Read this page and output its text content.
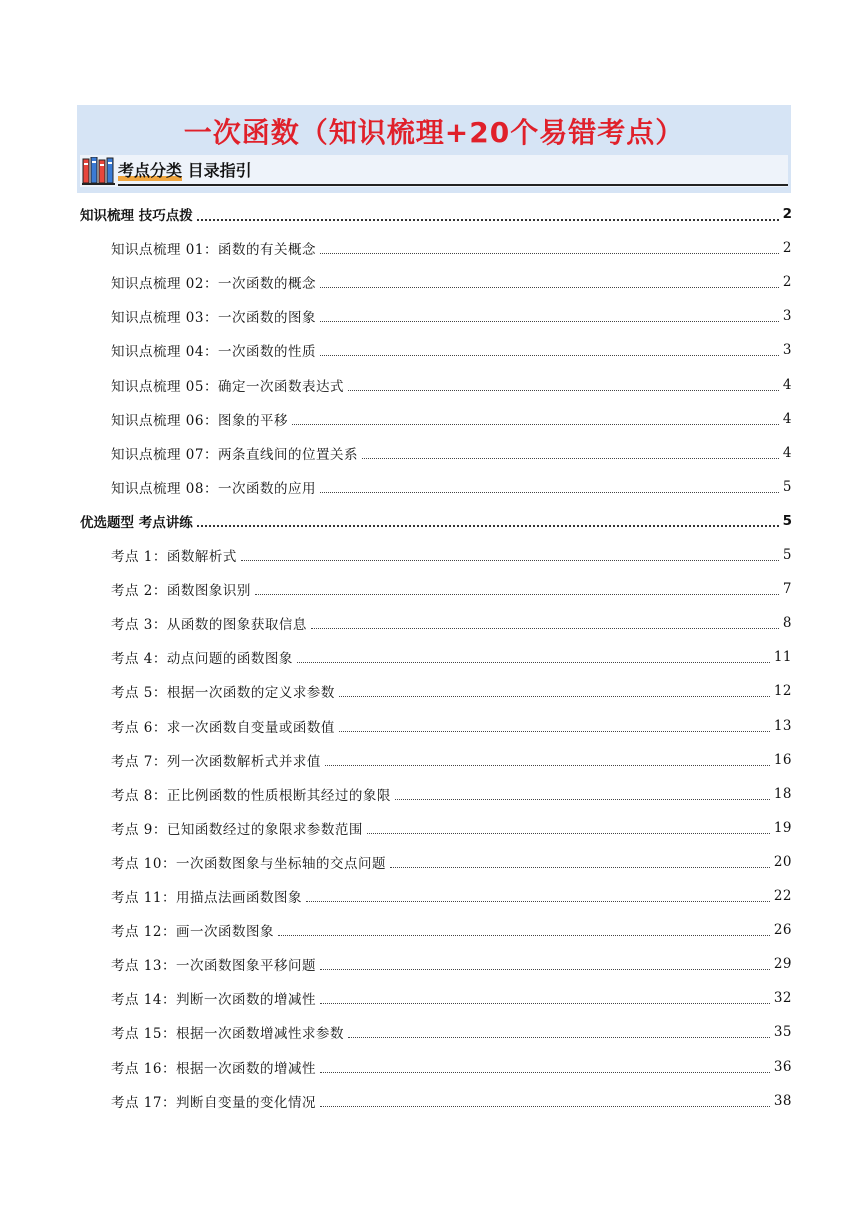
一次函数（知识梳理+20个易错考点）
考点分类 目录指引
知识梳理 技巧点拨	2
知识点梳理 01：函数的有关概念	2
知识点梳理 02：一次函数的概念	2
知识点梳理 03：一次函数的图象	3
知识点梳理 04：一次函数的性质	3
知识点梳理 05：确定一次函数表达式	4
知识点梳理 06：图象的平移	4
知识点梳理 07：两条直线间的位置关系	4
知识点梳理 08：一次函数的应用	5
优选题型 考点讲练	5
考点 1：函数解析式	5
考点 2：函数图象识别	7
考点 3：从函数的图象获取信息	8
考点 4：动点问题的函数图象	11
考点 5：根据一次函数的定义求参数	12
考点 6：求一次函数自变量或函数值	13
考点 7：列一次函数解析式并求值	16
考点 8：正比例函数的性质根断其经过的象限	18
考点 9：已知函数经过的象限求参数范围	19
考点 10：一次函数图象与坐标轴的交点问题	20
考点 11：用描点法画函数图象	22
考点 12：画一次函数图象	26
考点 13：一次函数图象平移问题	29
考点 14：判断一次函数的增减性	32
考点 15：根据一次函数增减性求参数	35
考点 16：根据一次函数的增减性	36
考点 17：判断自变量的变化情况	38
